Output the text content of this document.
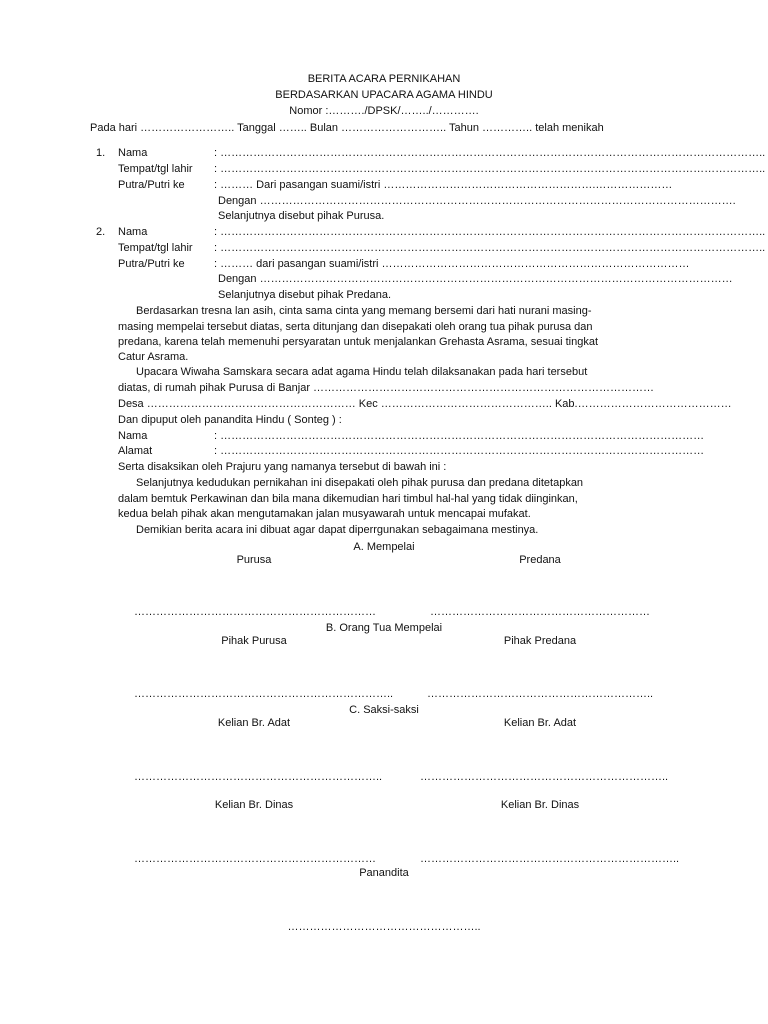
BERITA ACARA PERNIKAHAN
BERDASARKAN UPACARA AGAMA HINDU
Nomor :………./DPSK/……../………….
Pada hari …………………….. Tanggal …….. Bulan ……………………….. Tahun ………….. telah menikah
1. Nama	: …………………………………………………………………………………………………………………………………..
Tempat/tgl lahir : …………………………………………………………………………………………………………………………………..
Putra/Putri ke	: ……… Dari pasangan suami/istri ………………………………………………….…………………
Dengan ………………………………………………………………………………………………………………….
Selanjutnya disebut pihak Purusa.
2. Nama	: …………………………………………………………………………………………………………………………………..
Tempat/tgl lahir : …………………………………………………………………………………………………………………………………..
Putra/Putri ke	: ……… dari pasangan suami/istri …………………………………………………………………………
Dengan …………………………………………………………………………………………………………………
Selanjutnya disebut pihak Predana.
Berdasarkan tresna lan asih, cinta sama cinta yang memang bersemi dari hati nurani masing-
masing mempelai tersebut diatas, serta ditunjang dan disepakati oleh orang tua pihak purusa dan
predana, karena telah memenuhi persyaratan untuk menjalankan Grehasta Asrama, sesuai tingkat
Catur Asrama.
Upacara Wiwaha Samskara secara adat agama Hindu telah dilaksanakan pada hari tersebut
diatas, di rumah pihak Purusa di Banjar …………………………………………………………………………………
Desa ………………………………………………… Kec ……………………………………….. Kab.……………………………………
Dan dipuput oleh panandita Hindu ( Sonteg ) :
Nama	: ……………………………………………………………………………………………………………………
Alamat	: ……………………………………………………………………………………………………………………
Serta disaksikan oleh Prajuru yang namanya tersebut di bawah ini :
Selanjutnya kedudukan pernikahan ini disepakati oleh pihak purusa dan predana ditetapkan
dalam bemtuk Perkawinan dan bila mana dikemudian hari timbul hal-hal yang tidak diinginkan,
kedua belah pihak akan mengutamakan jalan musyawarah untuk mencapai mufakat.
Demikian berita acara ini dibuat agar dapat diperrgunakan sebagaimana mestinya.
A. Mempelai
Purusa	Predana
…………………………………………………………	……………………………………………………
B. Orang Tua Mempelai
Pihak Purusa	Pihak Predana
……………………………………………………………..	……………………………………………………..
C. Saksi-saksi
Kelian Br. Adat	Kelian Br. Adat
…………………………………………………………..	…………………………………………………………..
Kelian Br. Dinas	Kelian Br. Dinas
…………………………………………………………	……………………………………………………………..
Panandita
……………………………………………..
